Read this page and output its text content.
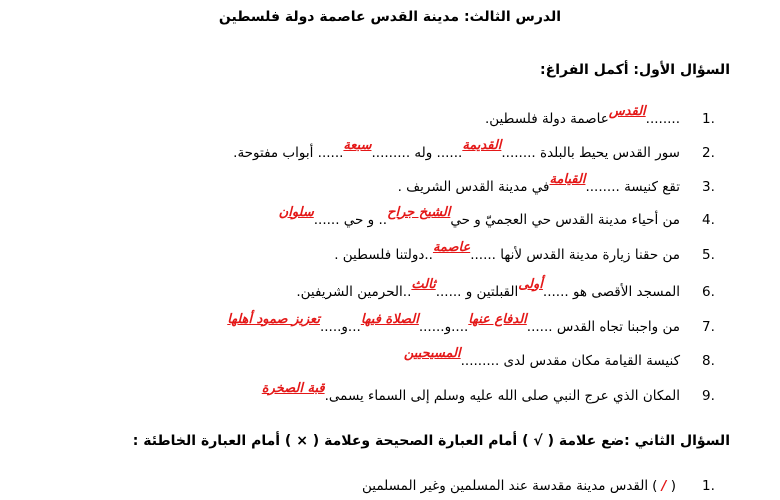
الدرس الثالث: مدينة القدس عاصمة دولة فلسطين
السؤال الأول: أكمل الفراغ:
1.
........
القدس
عاصمة دولة فلسطين.
2.
سور القدس يحيط بالبلدة ........
القديمة
...... وله .........
سبعة
...... أبواب مفتوحة.
3.
تقع كنيسة ........
القيامة
في مدينة القدس الشريف .
4.
من أحياء مدينة القدس حي العجميّ و حي
الشيخ جراح
.. و حي ......
سلوان
5.
من حقنا زيارة مدينة القدس لأنها ......
عاصمة
..دولتنا فلسطين .
6.
المسجد الأقصى هو ......
أولى
القبلتين و ......
ثالث
..الحرمين الشريفين.
7.
من واجبنا تجاه القدس ......
الدفاع عنها
....و......
الصلاة فيها
...و.....
تعزيز صمود أهلها
8.
كنيسة القيامة مكان مقدس لدى .........
المسيحيين
9.
المكان الذي عرج النبي صلى الله عليه وسلم إلى السماء يسمى.
قبة الصخرة
السؤال الثاني :ضع علامة ( √ ) أمام العبارة الصحيحة وعلامة ( × ) أمام العبارة الخاطئة :
1.
( / )
القدس مدينة مقدسة عند المسلمين وغير المسلمين
